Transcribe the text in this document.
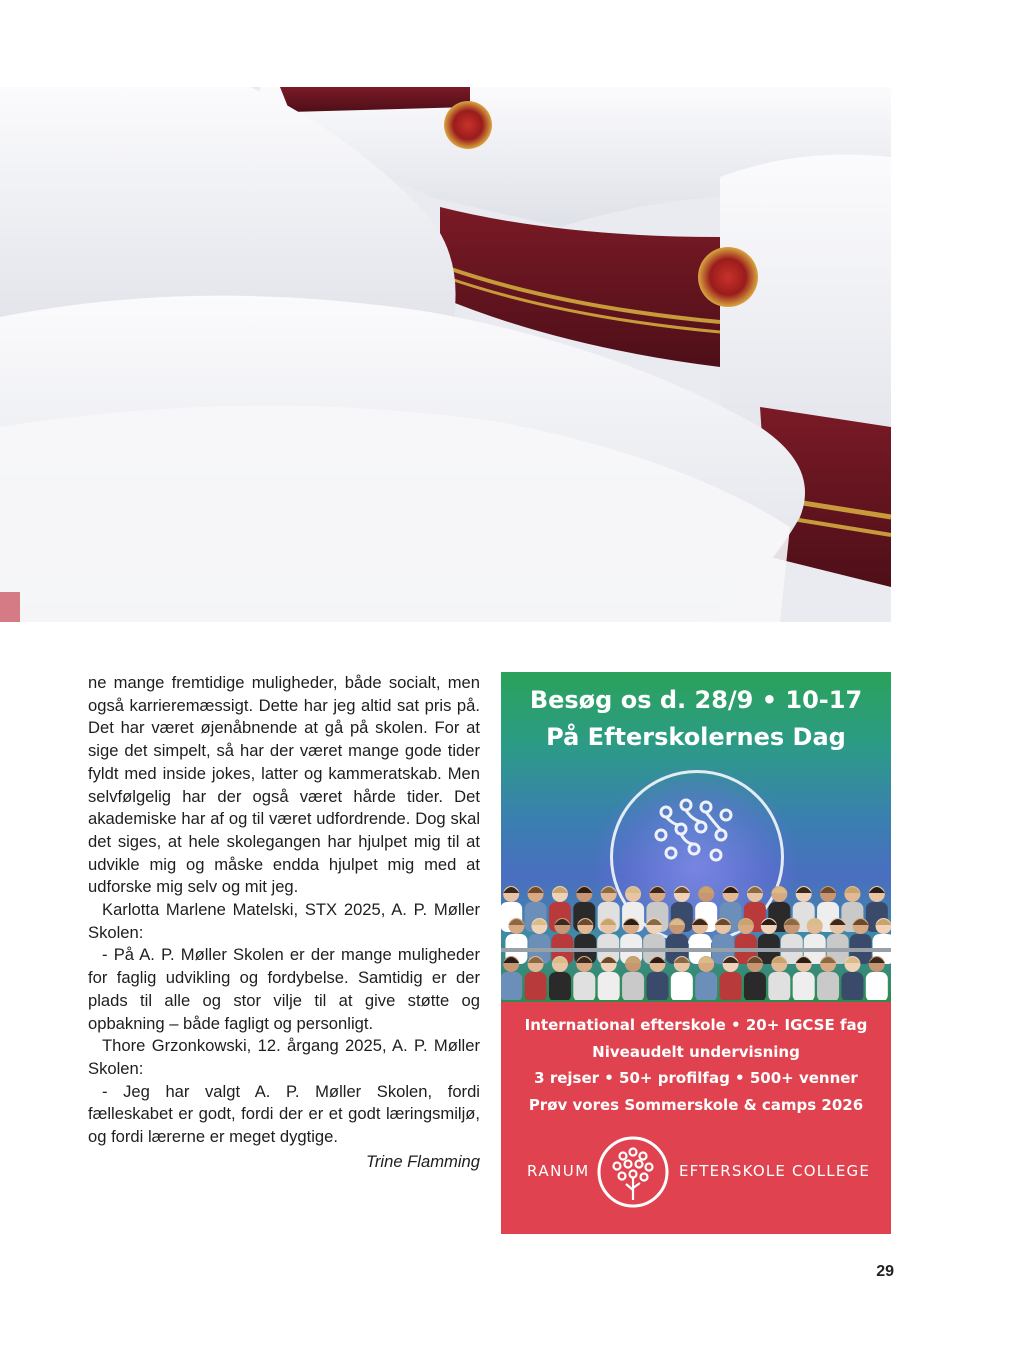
ne mange fremtidige muligheder, både socialt, men også karrieremæssigt. Dette har jeg altid sat pris på. Det har været øjenåbnende at gå på skolen. For at sige det simpelt, så har der været mange gode tider fyldt med inside jokes, latter og kammeratskab. Men selvfølgelig har der også været hårde tider. Det akademiske har af og til været udfordrende. Dog skal det siges, at hele skolegangen har hjulpet mig til at udvikle mig og måske endda hjulpet mig med at udforske mig selv og mit jeg.

Karlotta Marlene Matelski, STX 2025, A. P. Møller Skolen:

- På A. P. Møller Skolen er der mange muligheder for faglig udvikling og fordybelse. Samtidig er der plads til alle og stor vilje til at give støtte og opbakning – både fagligt og personligt.

Thore Grzonkowski, 12. årgang 2025, A. P. Møller Skolen:

- Jeg har valgt A. P. Møller Skolen, fordi fælleskabet er godt, fordi der er et godt læringsmiljø, og fordi lærerne er meget dygtige.

Trine Flamming

Besøg os d. 28/9 • 10-17
På Efterskolernes Dag
International efterskole • 20+ IGCSE fag
Niveaudelt undervisning
3 rejser • 50+ profilfag • 500+ venner
Prøv vores Sommerskole & camps 2026
RANUM	EFTERSKOLE COLLEGE
29
